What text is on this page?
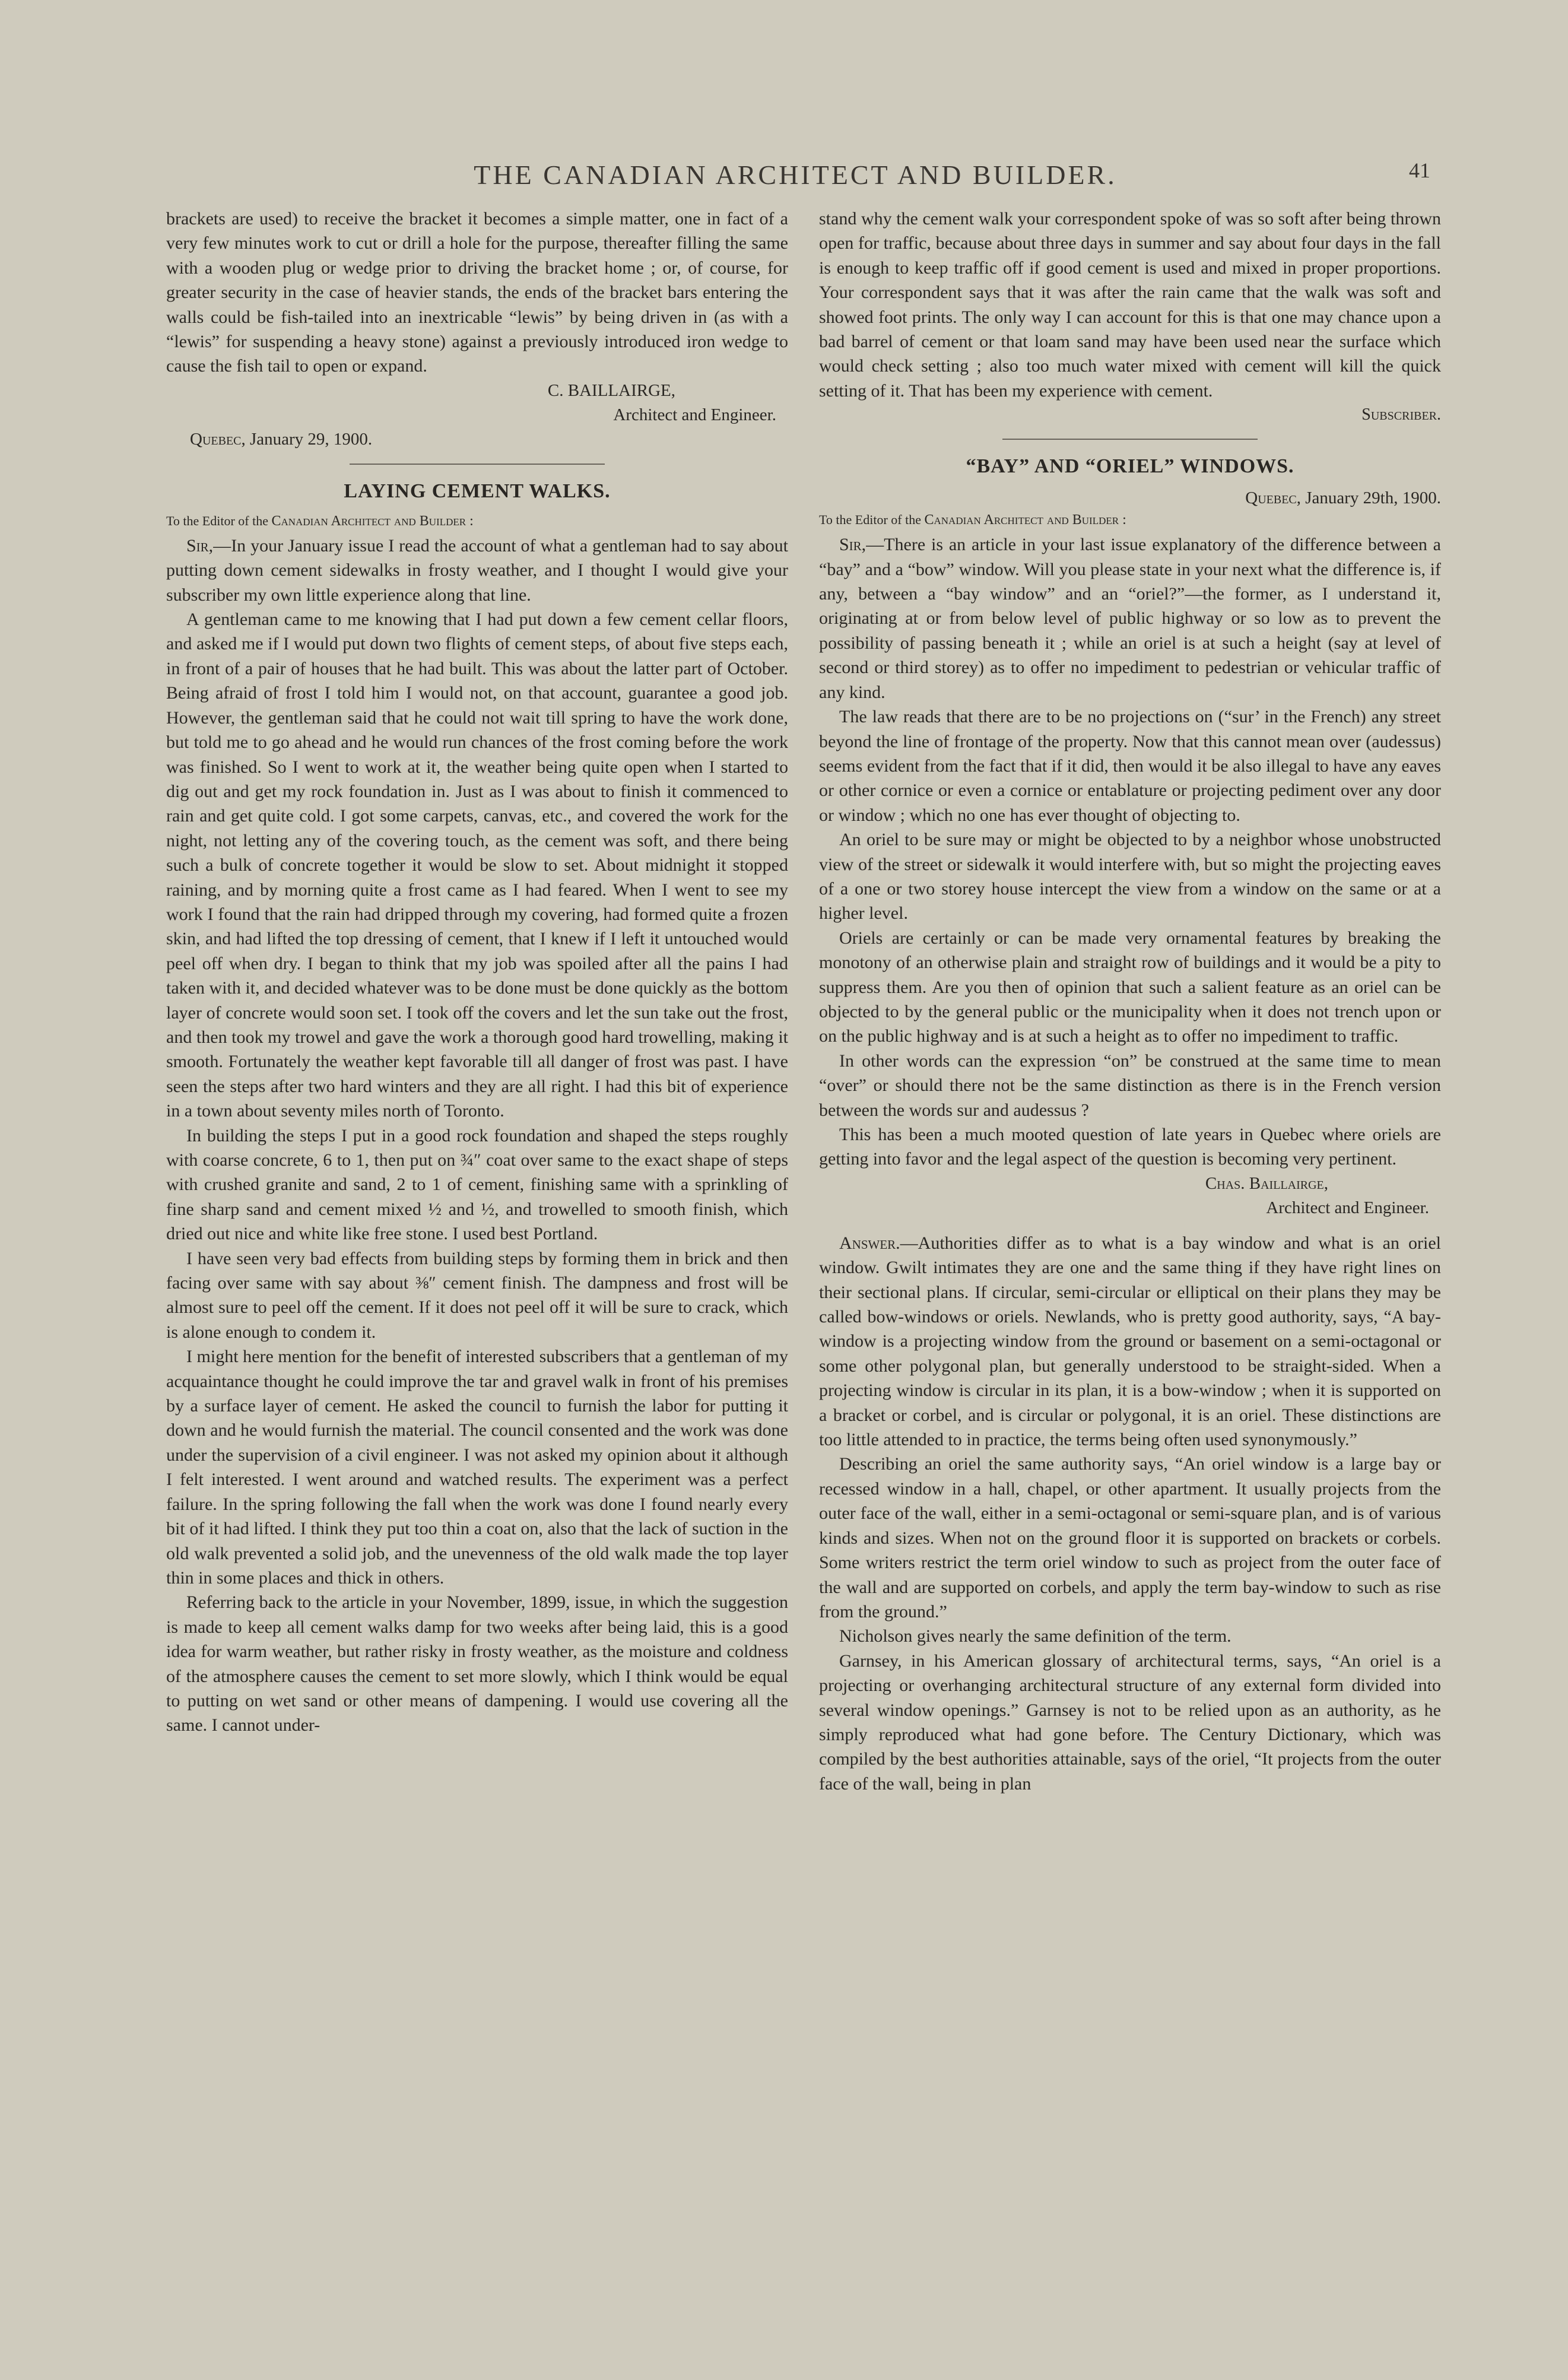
THE CANADIAN ARCHITECT AND BUILDER.	41

brackets are used) to receive the bracket it becomes a simple matter, one in fact of a very few minutes work to cut or drill a hole for the purpose, thereafter filling the same with a wooden plug or wedge prior to driving the bracket home ; or, of course, for greater security in the case of heavier stands, the ends of the bracket bars entering the walls could be fish-tailed into an inextricable “lewis” by being driven in (as with a “lewis” for suspending a heavy stone) against a previously introduced iron wedge to cause the fish tail to open or expand.

C. BAILLAIRGE,
Architect and Engineer.
Quebec, January 29, 1900.
LAYING CEMENT WALKS.
To the Editor of the Canadian Architect and Builder :

Sir,—In your January issue I read the account of what a gentleman had to say about putting down cement sidewalks in frosty weather, and I thought I would give your subscriber my own little experience along that line.

A gentleman came to me knowing that I had put down a few cement cellar floors, and asked me if I would put down two flights of cement steps, of about five steps each, in front of a pair of houses that he had built. This was about the latter part of October. Being afraid of frost I told him I would not, on that account, guarantee a good job. However, the gentleman said that he could not wait till spring to have the work done, but told me to go ahead and he would run chances of the frost coming before the work was finished. So I went to work at it, the weather being quite open when I started to dig out and get my rock foundation in. Just as I was about to finish it commenced to rain and get quite cold. I got some carpets, canvas, etc., and covered the work for the night, not letting any of the covering touch, as the cement was soft, and there being such a bulk of concrete together it would be slow to set. About midnight it stopped raining, and by morning quite a frost came as I had feared. When I went to see my work I found that the rain had dripped through my covering, had formed quite a frozen skin, and had lifted the top dressing of cement, that I knew if I left it untouched would peel off when dry. I began to think that my job was spoiled after all the pains I had taken with it, and decided whatever was to be done must be done quickly as the bottom layer of concrete would soon set. I took off the covers and let the sun take out the frost, and then took my trowel and gave the work a thorough good hard trowelling, making it smooth. Fortunately the weather kept favorable till all danger of frost was past. I have seen the steps after two hard winters and they are all right. I had this bit of experience in a town about seventy miles north of Toronto.

In building the steps I put in a good rock foundation and shaped the steps roughly with coarse concrete, 6 to 1, then put on ¾″ coat over same to the exact shape of steps with crushed granite and sand, 2 to 1 of cement, finishing same with a sprinkling of fine sharp sand and cement mixed ½ and ½, and trowelled to smooth finish, which dried out nice and white like free stone. I used best Portland.

I have seen very bad effects from building steps by forming them in brick and then facing over same with say about ⅜″ cement finish. The dampness and frost will be almost sure to peel off the cement. If it does not peel off it will be sure to crack, which is alone enough to condem it.

I might here mention for the benefit of interested subscribers that a gentleman of my acquaintance thought he could improve the tar and gravel walk in front of his premises by a surface layer of cement. He asked the council to furnish the labor for putting it down and he would furnish the material. The council consented and the work was done under the supervision of a civil engineer. I was not asked my opinion about it although I felt interested. I went around and watched results. The experiment was a perfect failure. In the spring following the fall when the work was done I found nearly every bit of it had lifted. I think they put too thin a coat on, also that the lack of suction in the old walk prevented a solid job, and the unevenness of the old walk made the top layer thin in some places and thick in others.

Referring back to the article in your November, 1899, issue, in which the suggestion is made to keep all cement walks damp for two weeks after being laid, this is a good idea for warm weather, but rather risky in frosty weather, as the moisture and coldness of the atmosphere causes the cement to set more slowly, which I think would be equal to putting on wet sand or other means of dampening. I would use covering all the same. I cannot under-

stand why the cement walk your correspondent spoke of was so soft after being thrown open for traffic, because about three days in summer and say about four days in the fall is enough to keep traffic off if good cement is used and mixed in proper proportions. Your correspondent says that it was after the rain came that the walk was soft and showed foot prints. The only way I can account for this is that one may chance upon a bad barrel of cement or that loam sand may have been used near the surface which would check setting ; also too much water mixed with cement will kill the quick setting of it. That has been my experience with cement.

Subscriber.
“BAY” AND “ORIEL” WINDOWS.
Quebec, January 29th, 1900.
To the Editor of the Canadian Architect and Builder :

Sir,—There is an article in your last issue explanatory of the difference between a “bay” and a “bow” window. Will you please state in your next what the difference is, if any, between a “bay window” and an “oriel?”—the former, as I understand it, originating at or from below level of public highway or so low as to prevent the possibility of passing beneath it ; while an oriel is at such a height (say at level of second or third storey) as to offer no impediment to pedestrian or vehicular traffic of any kind.

The law reads that there are to be no projections on (“sur’ in the French) any street beyond the line of frontage of the property. Now that this cannot mean over (audessus) seems evident from the fact that if it did, then would it be also illegal to have any eaves or other cornice or even a cornice or entablature or projecting pediment over any door or window ; which no one has ever thought of objecting to.

An oriel to be sure may or might be objected to by a neighbor whose unobstructed view of the street or sidewalk it would interfere with, but so might the projecting eaves of a one or two storey house intercept the view from a window on the same or at a higher level.

Oriels are certainly or can be made very ornamental features by breaking the monotony of an otherwise plain and straight row of buildings and it would be a pity to suppress them. Are you then of opinion that such a salient feature as an oriel can be objected to by the general public or the municipality when it does not trench upon or on the public highway and is at such a height as to offer no impediment to traffic.

In other words can the expression “on” be construed at the same time to mean “over” or should there not be the same distinction as there is in the French version between the words sur and audessus ?

This has been a much mooted question of late years in Quebec where oriels are getting into favor and the legal aspect of the question is becoming very pertinent.

Chas. Baillairge,
Architect and Engineer.

Answer.—Authorities differ as to what is a bay window and what is an oriel window. Gwilt intimates they are one and the same thing if they have right lines on their sectional plans. If circular, semi-circular or elliptical on their plans they may be called bow-windows or oriels. Newlands, who is pretty good authority, says, “A bay-window is a projecting window from the ground or basement on a semi-octagonal or some other polygonal plan, but generally understood to be straight-sided. When a projecting window is circular in its plan, it is a bow-window ; when it is supported on a bracket or corbel, and is circular or polygonal, it is an oriel. These distinctions are too little attended to in practice, the terms being often used synonymously.”

Describing an oriel the same authority says, “An oriel window is a large bay or recessed window in a hall, chapel, or other apartment. It usually projects from the outer face of the wall, either in a semi-octagonal or semi-square plan, and is of various kinds and sizes. When not on the ground floor it is supported on brackets or corbels. Some writers restrict the term oriel window to such as project from the outer face of the wall and are supported on corbels, and apply the term bay-window to such as rise from the ground.”

Nicholson gives nearly the same definition of the term.

Garnsey, in his American glossary of architectural terms, says, “An oriel is a projecting or overhanging architectural structure of any external form divided into several window openings.” Garnsey is not to be relied upon as an authority, as he simply reproduced what had gone before. The Century Dictionary, which was compiled by the best authorities attainable, says of the oriel, “It projects from the outer face of the wall, being in plan
